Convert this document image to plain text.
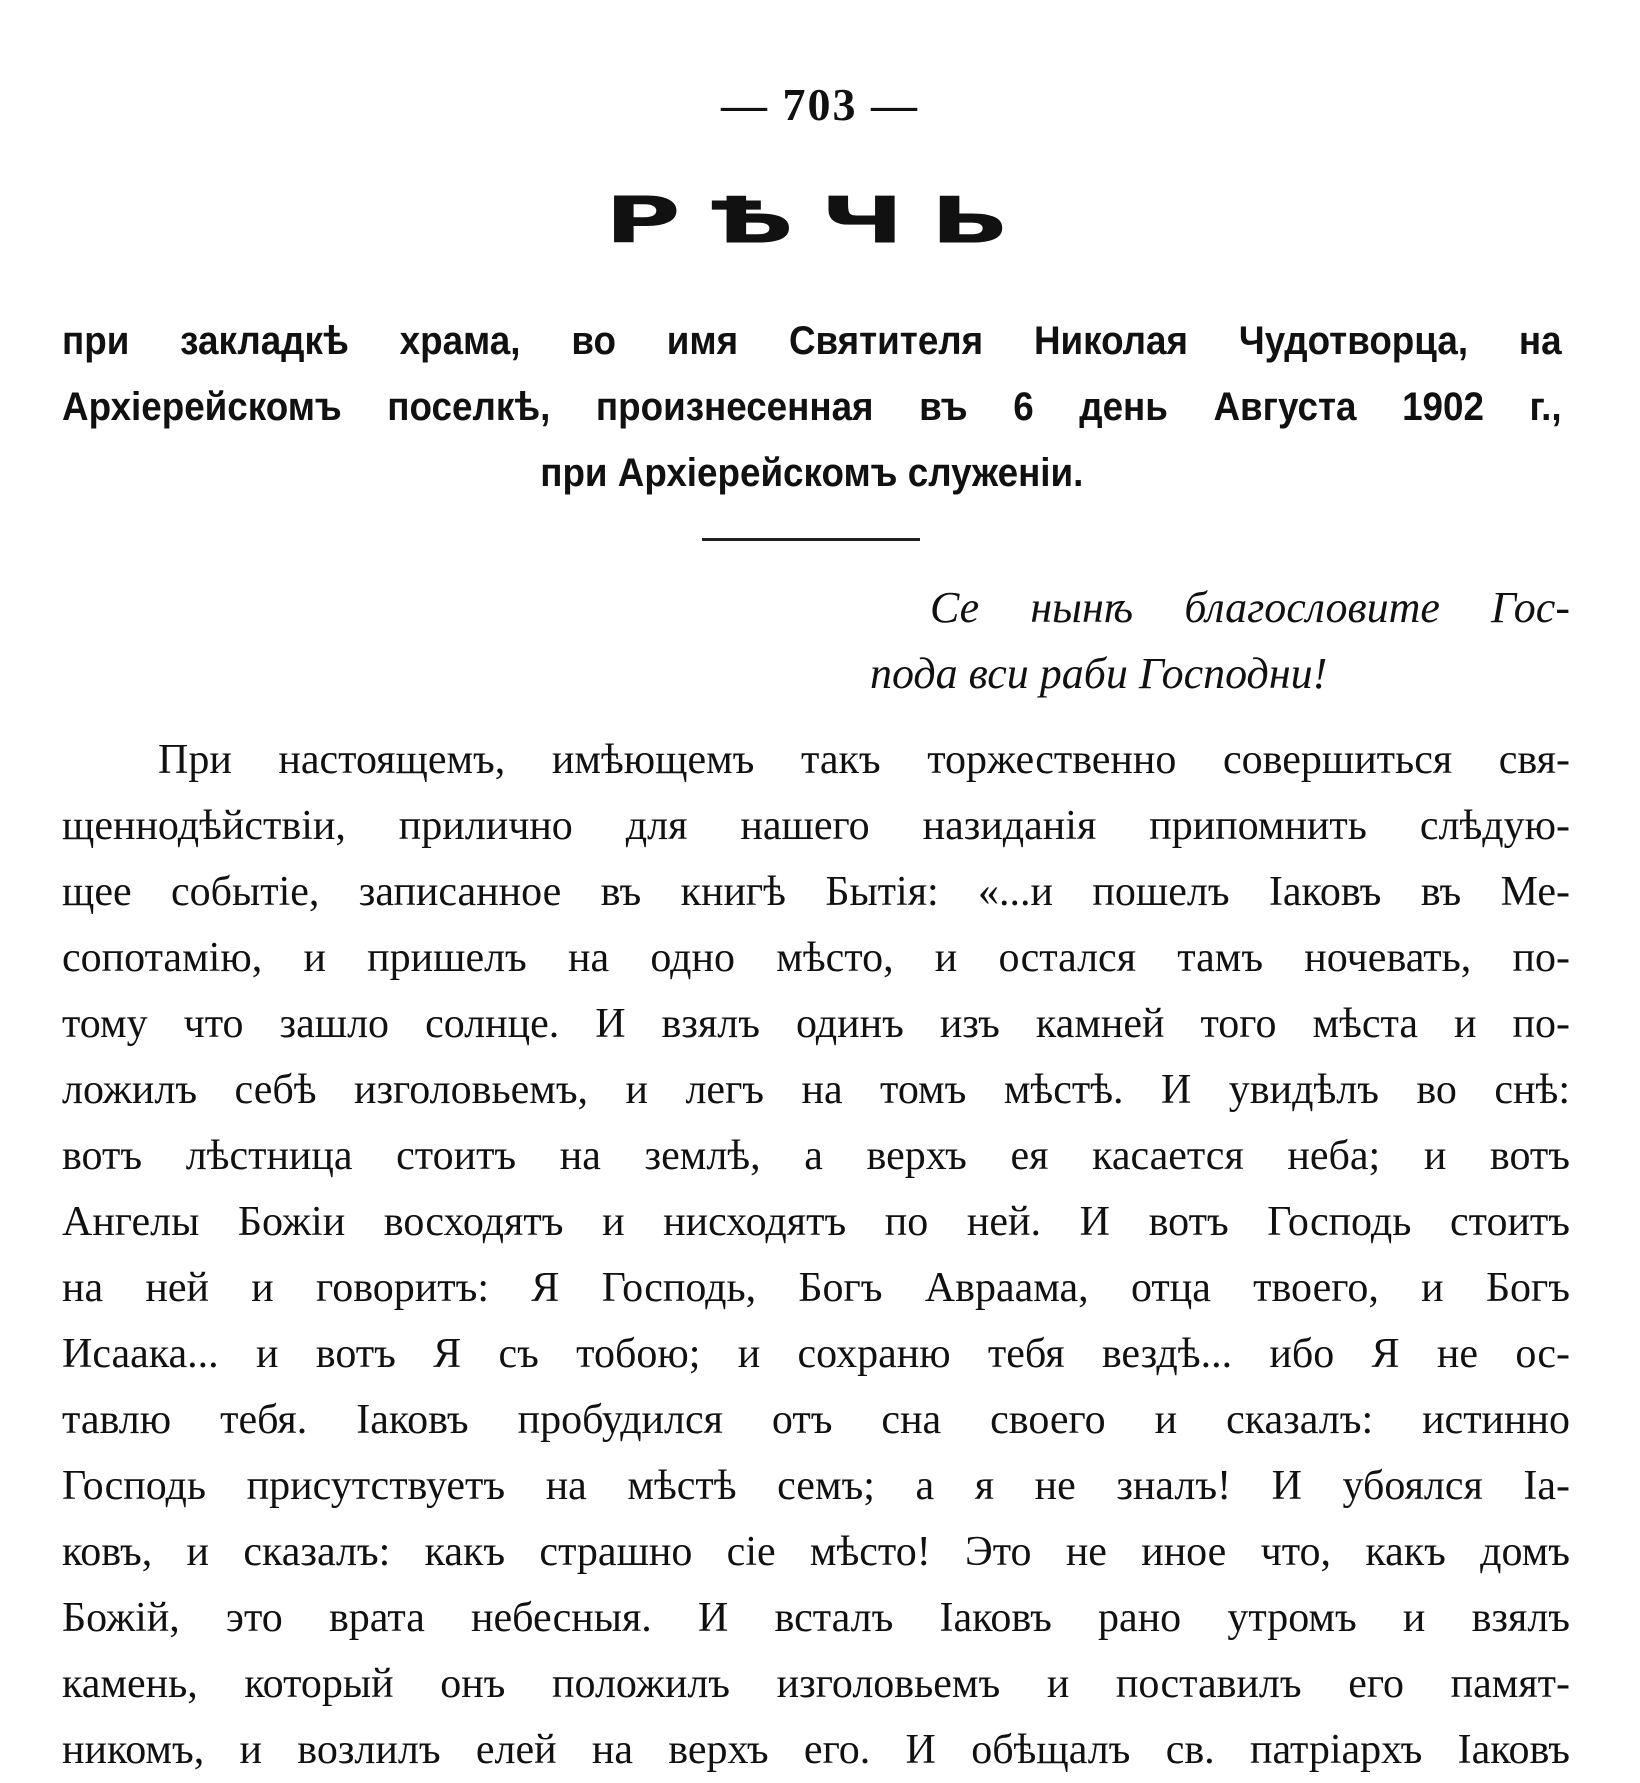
— 703 —
РѢЧЬ
при закладкѣ храма, во имя Святителя Николая Чудотворца, на
Архіерейскомъ поселкѣ, произнесенная въ 6 день Августа 1902 г.,
при Архіерейскомъ служеніи.
Се нынѣ благословите Гос-
пода вси раби Господни!
При настоящемъ, имѣющемъ такъ торжественно совершиться свя-
щеннодѣйствіи, прилично для нашего назиданія припомнить слѣдую-
щее событіе, записанное въ книгѣ Бытія: «...и пошелъ Іаковъ въ Ме-
сопотамію, и пришелъ на одно мѣсто, и остался тамъ ночевать, по-
тому что зашло солнце. И взялъ одинъ изъ камней того мѣста и по-
ложилъ себѣ изголовьемъ, и легъ на томъ мѣстѣ. И увидѣлъ во снѣ:
вотъ лѣстница стоитъ на землѣ, а верхъ ея касается неба; и вотъ
Ангелы Божіи восходятъ и нисходятъ по ней. И вотъ Господь стоитъ
на ней и говоритъ: Я Господь, Богъ Авраама, отца твоего, и Богъ
Исаака... и вотъ Я съ тобою; и сохраню тебя вездѣ... ибо Я не ос-
тавлю тебя. Іаковъ пробудился отъ сна своего и сказалъ: истинно
Господь присутствуетъ на мѣстѣ семъ; а я не зналъ! И убоялся Іа-
ковъ, и сказалъ: какъ страшно сіе мѣсто! Это не иное что, какъ домъ
Божій, это врата небесныя. И всталъ Іаковъ рано утромъ и взялъ
камень, который онъ положилъ изголовьемъ и поставилъ его памят-
никомъ, и возлилъ елей на верхъ его. И обѣщалъ св. патріархъ Іаковъ
